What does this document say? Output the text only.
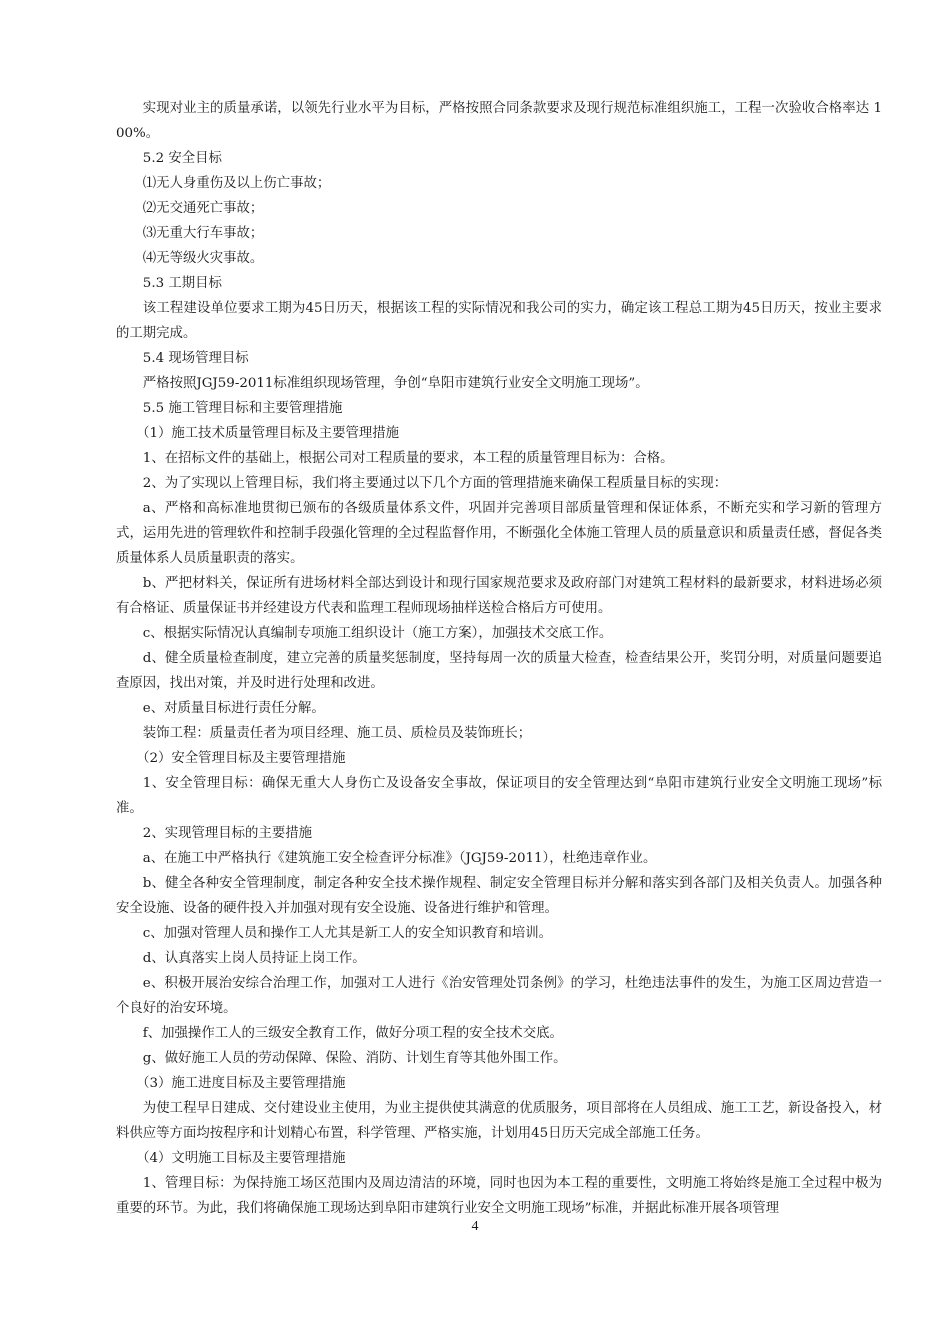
实现对业主的质量承诺，以领先行业水平为目标，严格按照合同条款要求及现行规范标准组织施工，工程一次验收合格率达 100%。

5.2 安全目标

⑴无人身重伤及以上伤亡事故；

⑵无交通死亡事故；

⑶无重大行车事故；

⑷无等级火灾事故。

5.3 工期目标

该工程建设单位要求工期为45日历天，根据该工程的实际情况和我公司的实力，确定该工程总工期为45日历天，按业主要求的工期完成。

5.4 现场管理目标

严格按照JGJ59-2011标准组织现场管理，争创“阜阳市建筑行业安全文明施工现场”。

5.5 施工管理目标和主要管理措施

（1）施工技术质量管理目标及主要管理措施

1、在招标文件的基础上，根据公司对工程质量的要求，本工程的质量管理目标为：合格。

2、为了实现以上管理目标，我们将主要通过以下几个方面的管理措施来确保工程质量目标的实现：

a、严格和高标准地贯彻已颁布的各级质量体系文件，巩固并完善项目部质量管理和保证体系，不断充实和学习新的管理方式，运用先进的管理软件和控制手段强化管理的全过程监督作用，不断强化全体施工管理人员的质量意识和质量责任感，督促各类质量体系人员质量职责的落实。

b、严把材料关，保证所有进场材料全部达到设计和现行国家规范要求及政府部门对建筑工程材料的最新要求，材料进场必须有合格证、质量保证书并经建设方代表和监理工程师现场抽样送检合格后方可使用。

c、根据实际情况认真编制专项施工组织设计（施工方案），加强技术交底工作。

d、健全质量检查制度，建立完善的质量奖惩制度，坚持每周一次的质量大检查，检查结果公开，奖罚分明，对质量问题要追查原因，找出对策，并及时进行处理和改进。

e、对质量目标进行责任分解。

装饰工程：质量责任者为项目经理、施工员、质检员及装饰班长；

（2）安全管理目标及主要管理措施

1、安全管理目标：确保无重大人身伤亡及设备安全事故，保证项目的安全管理达到“阜阳市建筑行业安全文明施工现场”标准。

2、实现管理目标的主要措施

a、在施工中严格执行《建筑施工安全检查评分标准》（JGJ59-2011），杜绝违章作业。

b、健全各种安全管理制度，制定各种安全技术操作规程、制定安全管理目标并分解和落实到各部门及相关负责人。加强各种安全设施、设备的硬件投入并加强对现有安全设施、设备进行维护和管理。

c、加强对管理人员和操作工人尤其是新工人的安全知识教育和培训。

d、认真落实上岗人员持证上岗工作。

e、积极开展治安综合治理工作，加强对工人进行《治安管理处罚条例》的学习，杜绝违法事件的发生，为施工区周边营造一个良好的治安环境。

f、加强操作工人的三级安全教育工作，做好分项工程的安全技术交底。

g、做好施工人员的劳动保障、保险、消防、计划生育等其他外围工作。

（3）施工进度目标及主要管理措施

为使工程早日建成、交付建设业主使用，为业主提供使其满意的优质服务，项目部将在人员组成、施工工艺，新设备投入，材料供应等方面均按程序和计划精心布置，科学管理、严格实施，计划用45日历天完成全部施工任务。

（4）文明施工目标及主要管理措施

1、管理目标：为保持施工场区范围内及周边清洁的环境，同时也因为本工程的重要性，文明施工将始终是施工全过程中极为重要的环节。为此，我们将确保施工现场达到阜阳市建筑行业安全文明施工现场”标准，并据此标准开展各项管理

4
